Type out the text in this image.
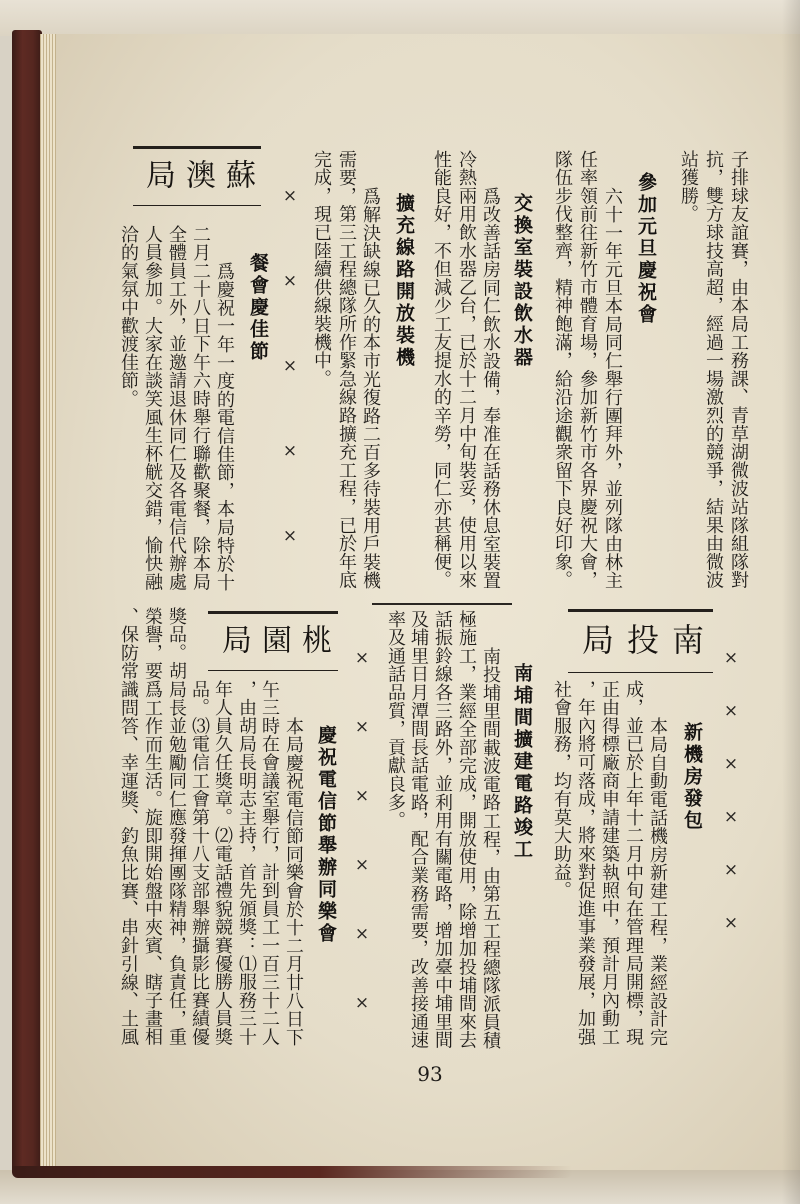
子排球友誼賽，由本局工務課、青草湖微波站隊組隊對
抗，雙方球技高超，經過一場激烈的競爭，結果由微波
站獲勝。
參加元旦慶祝會
六十一年元旦本局同仁舉行團拜外，並列隊由林主
任率領前往新竹市體育場，參加新竹市各界慶祝大會，
隊伍步伐整齊，精神飽滿，給沿途觀衆留下良好印象。
交換室裝設飲水器
爲改善話房同仁飲水設備，奉准在話務休息室裝置
冷熱兩用飲水器乙台，已於十二月中旬裝妥，使用以來
性能良好，不但減少工友提水的辛勞，同仁亦甚稱便。
擴充線路開放裝機
爲解決缺線已久的本市光復路二百多待裝用戶裝機
需要，第三工程總隊所作緊急線路擴充工程，已於年底
完成，現已陸續供線裝機中。
×
×
×
×
×
蘇澳局
餐會慶佳節
爲慶祝一年一度的電信佳節，本局特於十
二月二十八日下午六時舉行聯歡聚餐，除本局
全體員工外，並邀請退休同仁及各電信代辦處
人員參加。大家在談笑風生杯觥交錯，愉快融
洽的氣氛中歡渡佳節。
×
×
×
×
×
×
南投局
新機房發包
本局自動電話機房新建工程，業經設計完
成，並已於上年十二月中旬在管理局開標，現
正由得標廠商申請建築執照中，預計月內動工
，年內將可落成，將來對促進事業發展，加强
社會服務，均有莫大助益。
南埔間擴建電路竣工
南投埔里間載波電路工程，由第五工程總隊派員積
極施工，業經全部完成，開放使用，除增加投埔間來去
話振鈴線各三路外，並利用有關電路，增加臺中埔里間
及埔里日月潭間長話電路，配合業務需要，改善接通速
率及通話品質，貢獻良多。
×
×
×
×
×
×
桃園局
慶祝電信節舉辦同樂會
本局慶祝電信節同樂會於十二月廿八日下
午三時在會議室舉行，計到員工一百三十二人
，由胡局長明志主持，首先頒獎：⑴服務三十
年人員久任獎章。⑵電話禮貌競賽優勝人員獎
品。⑶電信工會第十八支部舉辦攝影比賽績優
獎品。胡局長並勉勵同仁應發揮團隊精神，負責任，重
榮譽，要爲工作而生活。旋即開始盤中夾賓、瞎子畫相
、保防常識問答、幸運獎、釣魚比賽、串針引線、土風
93
